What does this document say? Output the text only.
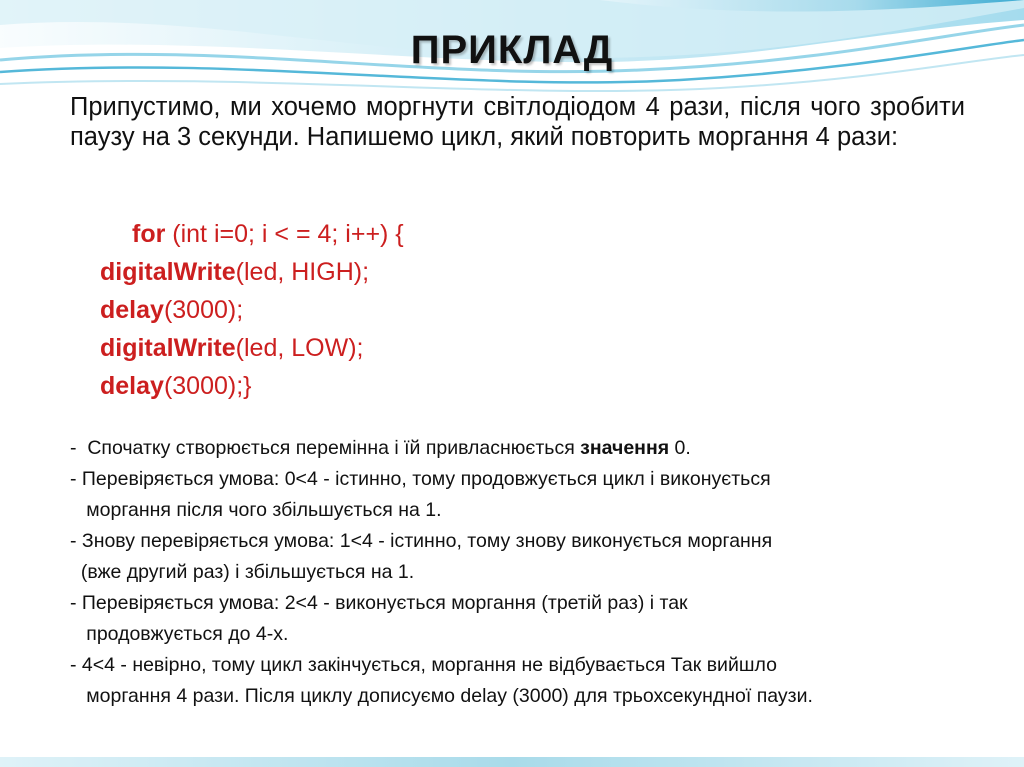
ПРИКЛАД
Припустимо, ми хочемо моргнути світлодіодом 4 рази, після чого зробити паузу на 3 секунди. Напишемо цикл, який повторить моргання 4 рази:
for (int i=0; i < = 4; i++) {
digitalWrite(led, HIGH);
delay(3000);
digitalWrite(led, LOW);
delay(3000);}
-  Спочатку створюється перемінна і їй привласнюється значення 0.
- Перевіряється умова: 0<4 - істинно, тому продовжується цикл і виконується
моргання після чого збільшується на 1.
- Знову перевіряється умова: 1<4 - істинно, тому знову виконується моргання
(вже другий раз) і збільшується на 1.
- Перевіряється умова: 2<4 - виконується моргання (третій раз) і так
продовжується до 4-х.
- 4<4 - невірно, тому цикл закінчується, моргання не відбувається Так вийшло
моргання 4 рази. Після циклу дописуємо delay (3000) для трьохсекундної паузи.
